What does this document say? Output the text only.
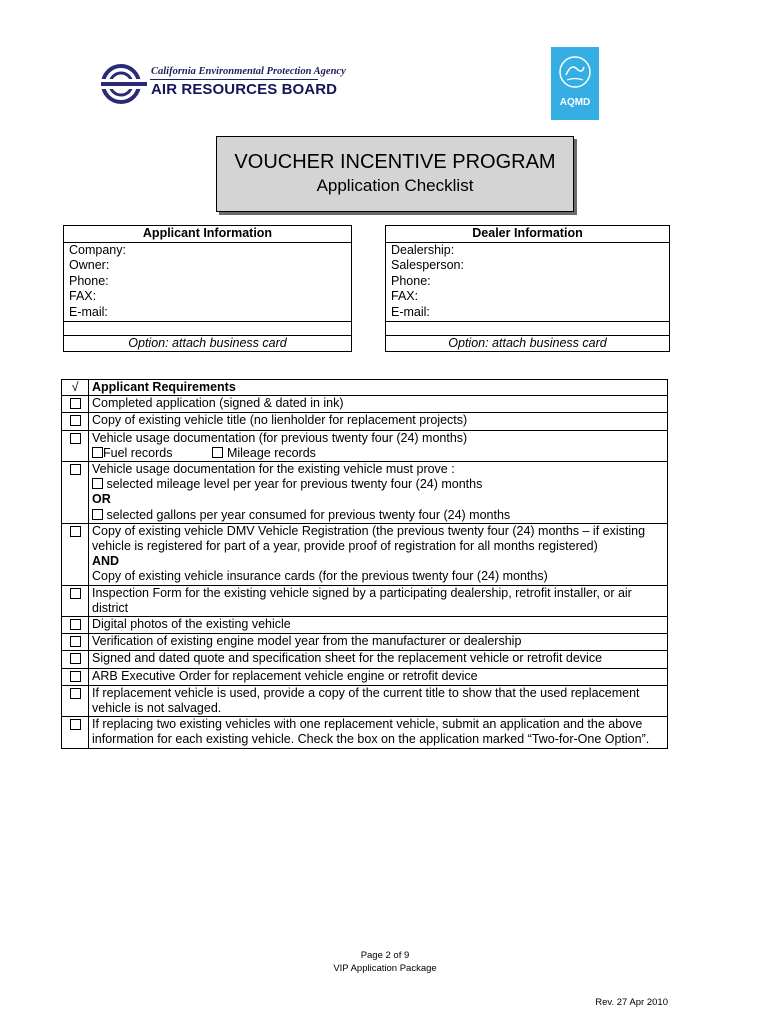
California Environmental Protection Agency
AIR RESOURCES BOARD
AQMD
VOUCHER INCENTIVE PROGRAM
Application Checklist
Applicant Information

Company:
Owner:
Phone:
FAX:
E-mail:

Option: attach business card
Dealer Information

Dealership:
Salesperson:
Phone:
FAX:
E-mail:

Option: attach business card
√	Applicant Requirements
	Completed application (signed & dated in ink)
	Copy of existing vehicle title (no lienholder for replacement projects)

	Vehicle usage documentation (for previous twenty four (24) months)
Fuel records Mileage records

	Vehicle usage documentation for the existing vehicle must prove :
selected mileage level per year for previous twenty four (24) months
OR
selected gallons per year consumed for previous twenty four (24) months

	Copy of existing vehicle DMV Vehicle Registration (the previous twenty four (24) months – if existing vehicle is registered for part of a year, provide proof of registration for all months registered)
AND
Copy of existing vehicle insurance cards (for the previous twenty four (24) months)

	Inspection Form for the existing vehicle signed by a participating dealership, retrofit installer, or air district
	Digital photos of the existing vehicle
	Verification of existing engine model year from the manufacturer or dealership
	Signed and dated quote and specification sheet for the replacement vehicle or retrofit device
	ARB Executive Order for replacement vehicle engine or retrofit device
	If replacement vehicle is used, provide a copy of the current title to show that the used replacement vehicle is not salvaged.
	If replacing two existing vehicles with one replacement vehicle, submit an application and the above information for each existing vehicle. Check the box on the application marked “Two-for-One Option”.
Page 2 of 9
VIP Application Package
Rev. 27 Apr 2010
